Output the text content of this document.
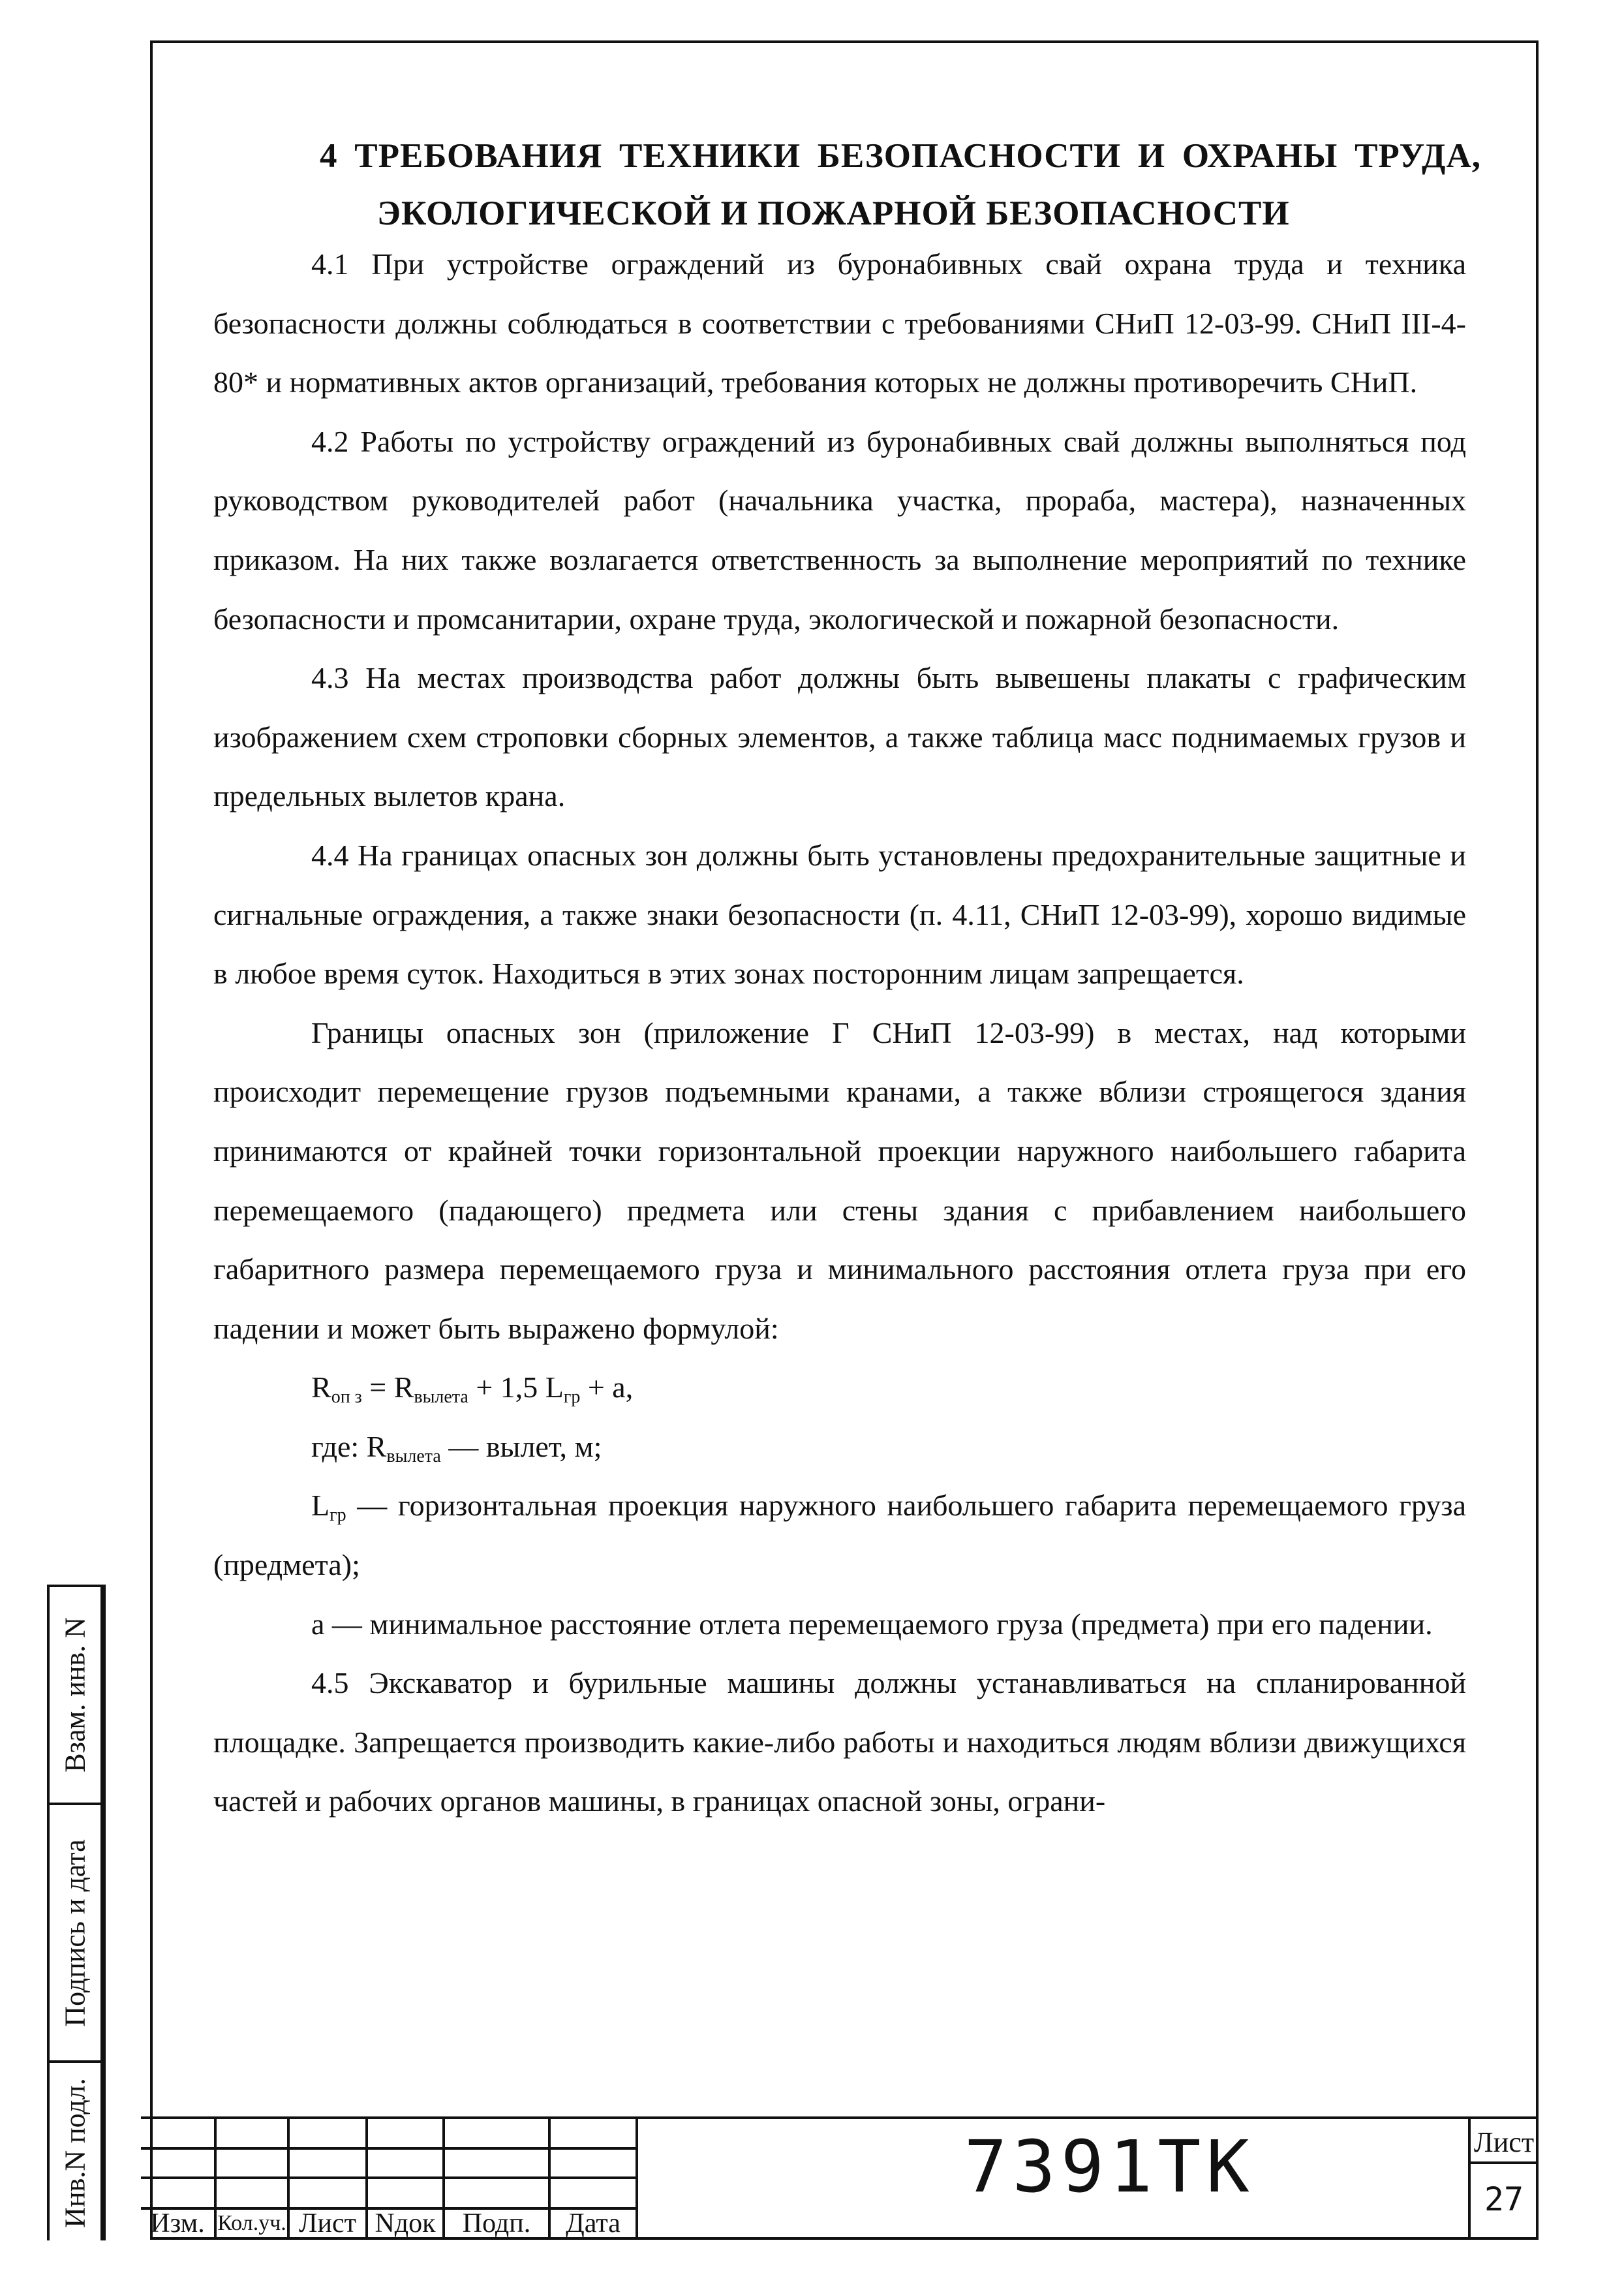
4 ТРЕБОВАНИЯ ТЕХНИКИ БЕЗОПАСНОСТИ И ОХРАНЫ ТРУДА,
ЭКОЛОГИЧЕСКОЙ И ПОЖАРНОЙ БЕЗОПАСНОСТИ

4.1 При устройстве ограждений из буронабивных свай охрана труда и техника безопасности должны соблюдаться в соответствии с требованиями СНиП 12-03-99. СНиП III-4-80* и нормативных актов организаций, требования которых не должны противоречить СНиП.

4.2 Работы по устройству ограждений из буронабивных свай должны выполняться под руководством руководителей работ (начальника участка, прораба, мастера), назначенных приказом. На них также возлагается ответственность за выполнение мероприятий по технике безопасности и промсанитарии, охране труда, экологической и пожарной безопасности.

4.3 На местах производства работ должны быть вывешены плакаты с графическим изображением схем строповки сборных элементов, а также таблица масс поднимаемых грузов и предельных вылетов крана.

4.4 На границах опасных зон должны быть установлены предохранительные защитные и сигнальные ограждения, а также знаки безопасности (п. 4.11, СНиП 12-03-99), хорошо видимые в любое время суток. Находиться в этих зонах посторонним лицам запрещается.

Границы опасных зон (приложение Г СНиП 12-03-99) в местах, над которыми происходит перемещение грузов подъемными кранами, а также вблизи строящегося здания принимаются от крайней точки горизонтальной проекции наружного наибольшего габарита перемещаемого (падающего) предмета или стены здания с прибавлением наибольшего габаритного размера перемещаемого груза и минимального расстояния отлета груза при его падении и может быть выражено формулой:

$R_{оп з} = R_{вылета} + 1,5$ $L_{гр} + а$,

где: $R_{вылета}$ — вылет, м;

$L_{гр}$ — горизонтальная проекция наружного наибольшего габарита перемещаемого груза (предмета);

а — минимальное расстояние отлета перемещаемого груза (предмета) при его падении.

4.5 Экскаватор и бурильные машины должны устанавливаться на спланированной площадке. Запрещается производить какие-либо работы и находиться людям вблизи движущихся частей и рабочих органов машины, в границах опасной зоны, ограни-

Взам. инв. N
Подпись и дата
Инв.N подл.	Изм. Кол.уч. Лист Nдок Подп.	Дата
7391ТК	Лист
27
